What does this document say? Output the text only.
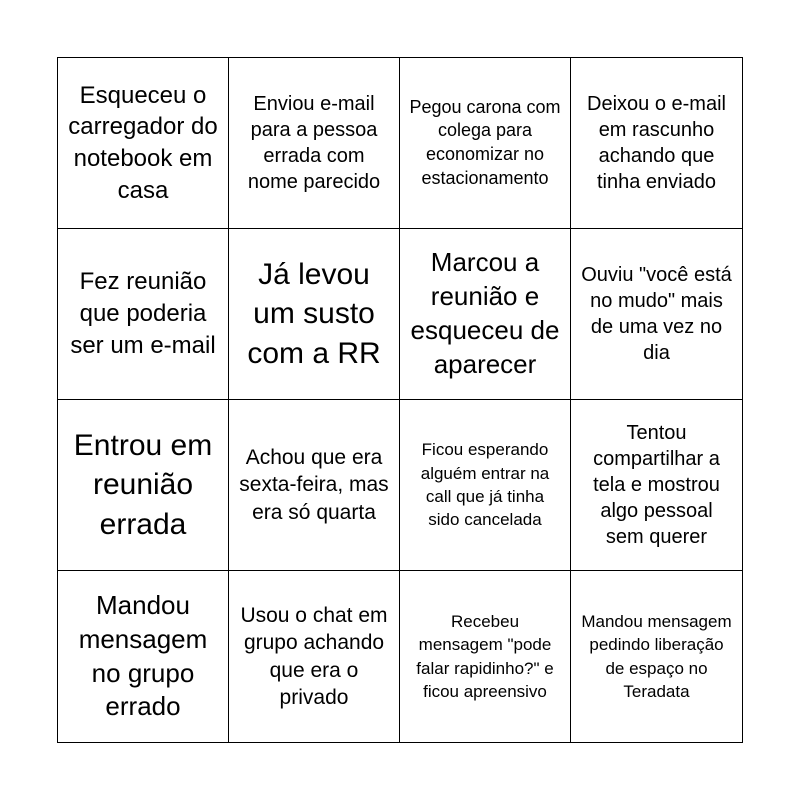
Esqueceu o carregador do notebook em casa
Enviou e-mail para a pessoa errada com nome parecido
Pegou carona com colega para economizar no estacionamento
Deixou o e-mail em rascunho achando que tinha enviado
Fez reunião que poderia ser um e-mail
Já levou um susto com a RR
Marcou a reunião e esqueceu de aparecer
Ouviu "você está no mudo" mais de uma vez no dia
Entrou em reunião errada
Achou que era sexta-feira, mas era só quarta
Ficou esperando alguém entrar na call que já tinha sido cancelada
Tentou compartilhar a tela e mostrou algo pessoal sem querer
Mandou mensagem no grupo errado
Usou o chat em grupo achando que era o privado
Recebeu mensagem "pode falar rapidinho?" e ficou apreensivo
Mandou mensagem pedindo liberação de espaço no Teradata
